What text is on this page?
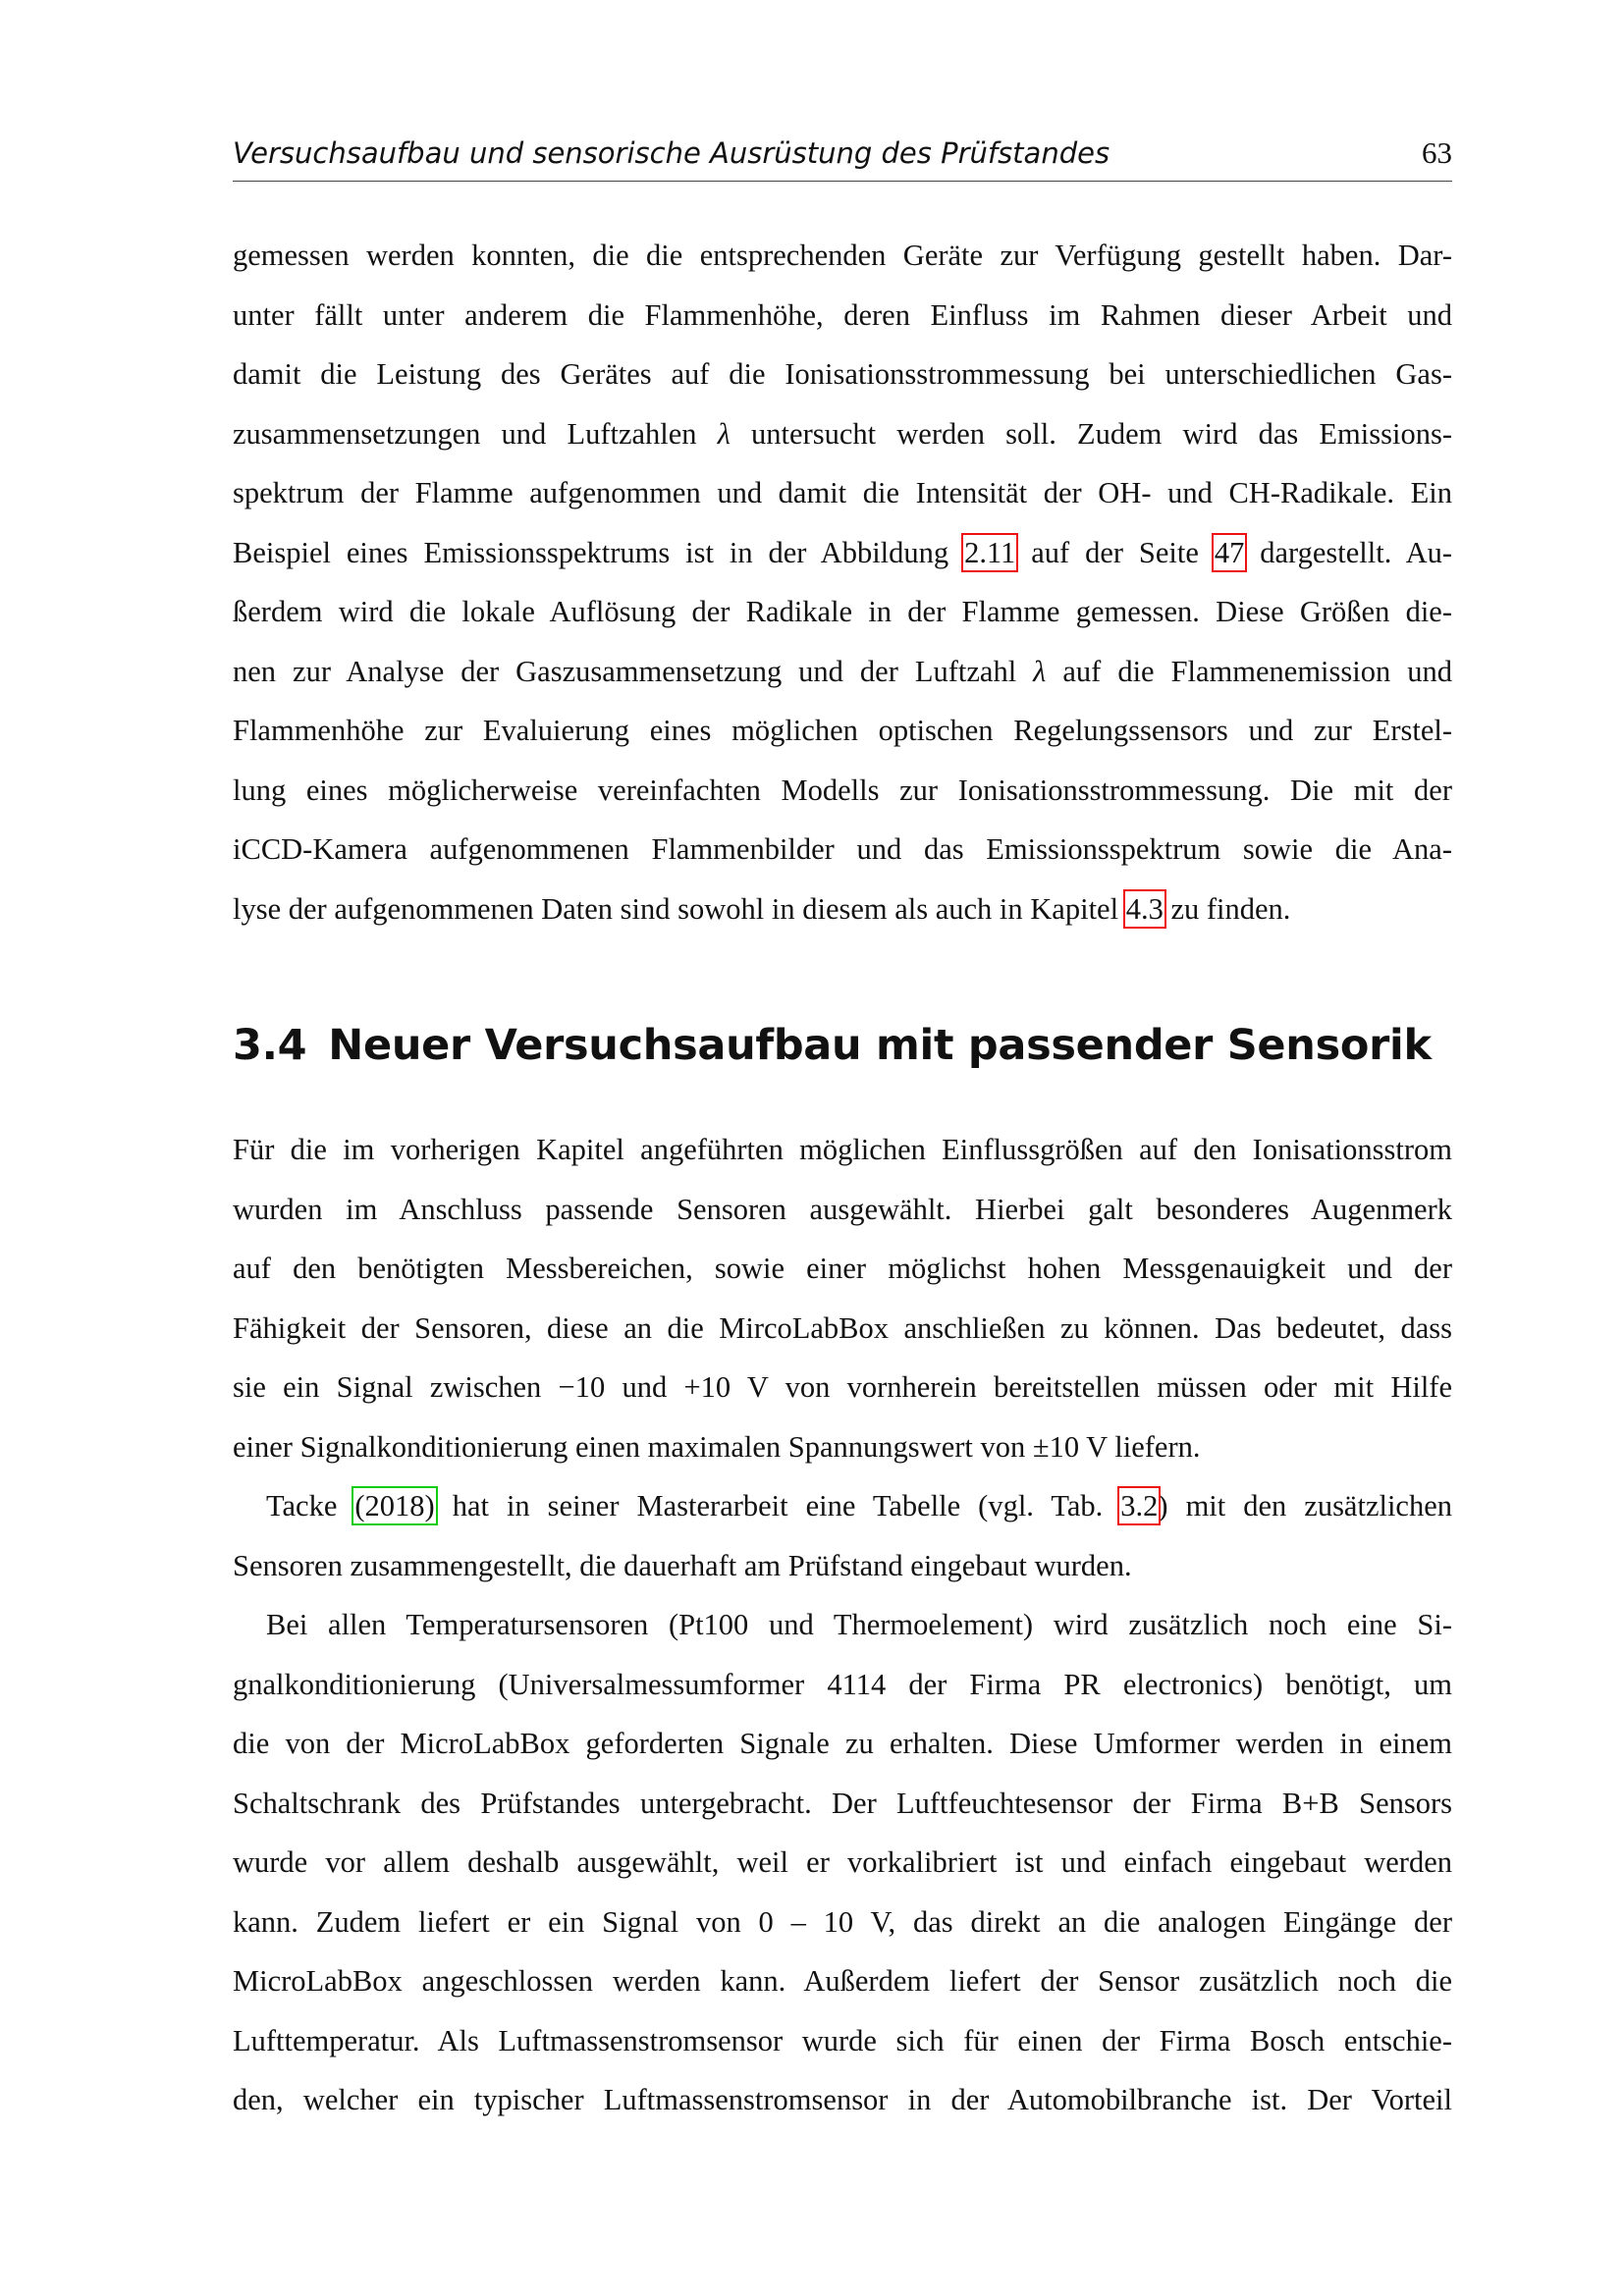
Versuchsaufbau und sensorische Ausrüstung des Prüfstandes	63
gemessen werden konnten, die die entsprechenden Geräte zur Verfügung gestellt haben. Dar-
unter fällt unter anderem die Flammenhöhe, deren Einfluss im Rahmen dieser Arbeit und
damit die Leistung des Gerätes auf die Ionisationsstrommessung bei unterschiedlichen Gas-
zusammensetzungen und Luftzahlen λ untersucht werden soll. Zudem wird das Emissions-
spektrum der Flamme aufgenommen und damit die Intensität der OH- und CH-Radikale. Ein
Beispiel eines Emissionsspektrums ist in der Abbildung 2.11 auf der Seite 47 dargestellt. Au-
ßerdem wird die lokale Auflösung der Radikale in der Flamme gemessen. Diese Größen die-
nen zur Analyse der Gaszusammensetzung und der Luftzahl λ auf die Flammenemission und
Flammenhöhe zur Evaluierung eines möglichen optischen Regelungssensors und zur Erstel-
lung eines möglicherweise vereinfachten Modells zur Ionisationsstrommessung. Die mit der
iCCD-Kamera aufgenommenen Flammenbilder und das Emissionsspektrum sowie die Ana-
lyse der aufgenommenen Daten sind sowohl in diesem als auch in Kapitel 4.3 zu finden.
3.4 Neuer Versuchsaufbau mit passender Sensorik
Für die im vorherigen Kapitel angeführten möglichen Einflussgrößen auf den Ionisationsstrom
wurden im Anschluss passende Sensoren ausgewählt. Hierbei galt besonderes Augenmerk
auf den benötigten Messbereichen, sowie einer möglichst hohen Messgenauigkeit und der
Fähigkeit der Sensoren, diese an die MircoLabBox anschließen zu können. Das bedeutet, dass
sie ein Signal zwischen −10 und +10 V von vornherein bereitstellen müssen oder mit Hilfe
einer Signalkonditionierung einen maximalen Spannungswert von ±10 V liefern.
Tacke (2018) hat in seiner Masterarbeit eine Tabelle (vgl. Tab. 3.2) mit den zusätzlichen
Sensoren zusammengestellt, die dauerhaft am Prüfstand eingebaut wurden.
Bei allen Temperatursensoren (Pt100 und Thermoelement) wird zusätzlich noch eine Si-
gnalkonditionierung (Universalmessumformer 4114 der Firma PR electronics) benötigt, um
die von der MicroLabBox geforderten Signale zu erhalten. Diese Umformer werden in einem
Schaltschrank des Prüfstandes untergebracht. Der Luftfeuchtesensor der Firma B+B Sensors
wurde vor allem deshalb ausgewählt, weil er vorkalibriert ist und einfach eingebaut werden
kann. Zudem liefert er ein Signal von 0 – 10 V, das direkt an die analogen Eingänge der
MicroLabBox angeschlossen werden kann. Außerdem liefert der Sensor zusätzlich noch die
Lufttemperatur. Als Luftmassenstromsensor wurde sich für einen der Firma Bosch entschie-
den, welcher ein typischer Luftmassenstromsensor in der Automobilbranche ist. Der Vorteil
